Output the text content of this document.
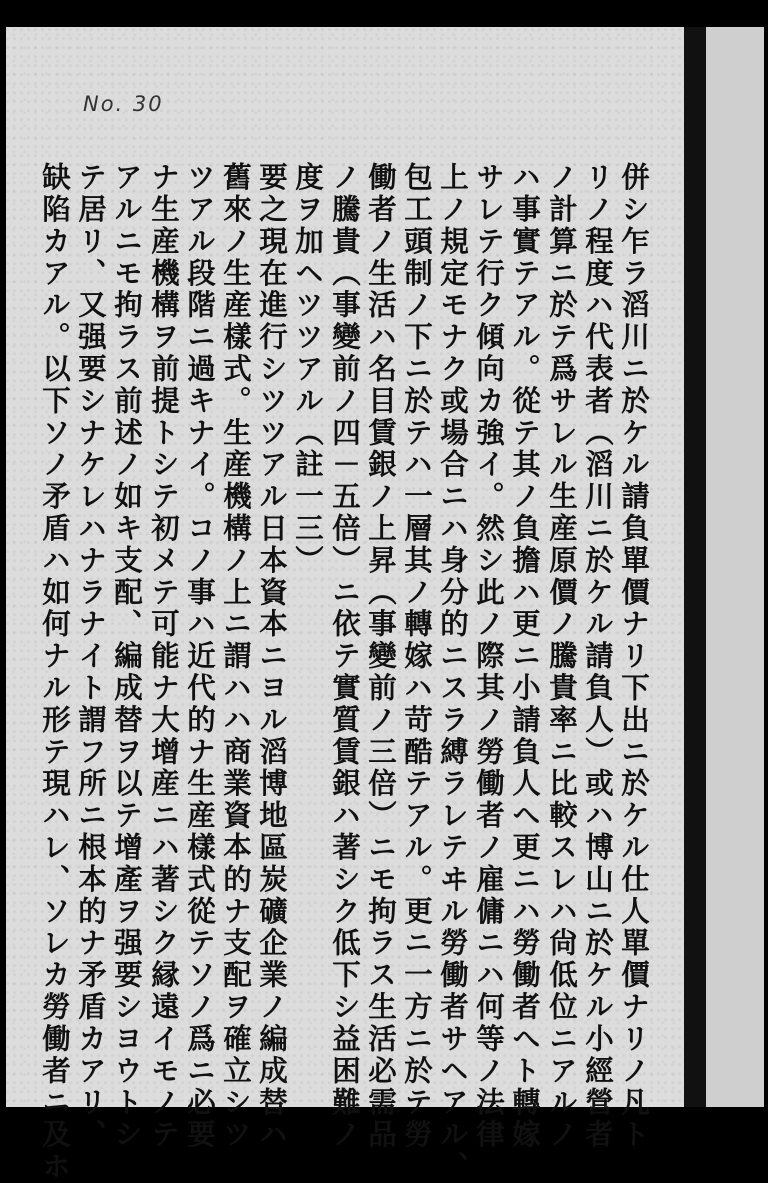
No. 30
併シ乍ラ滔川ニ於ケル請負單價ナリ下出ニ於ケル仕人單價ナリノ凡ト
リノ程度ハ代表者（滔川ニ於ケル請負人）或ハ博山ニ於ケル小經營者
ノ計算ニ於テ爲サレル生産原價ノ騰貴率ニ比較スレハ尙低位ニアルノ
ハ事實テアル。從テ其ノ負擔ハ更ニ小請負人へ更ニハ勞働者へト轉嫁
サレテ行ク傾向カ強イ。然シ此ノ際其ノ勞働者ノ雇傭ニハ何等ノ法律
上ノ規定モナク或場合ニハ身分的ニスラ縛ラレテヰル勞働者サヘアル、
包工頭制ノ下ニ於テハ一層其ノ轉嫁ハ苛酷テアル。更ニ一方ニ於テ勞
働者ノ生活ハ名目賃銀ノ上昇（事變前ノ三倍）ニモ拘ラス生活必需品
ノ騰貴（事變前ノ四－五倍）ニ依テ實質賃銀ハ著シク低下シ益困難ノ
度ヲ加ヘツツアル（註一三）
要之現在進行シツツアル日本資本ニヨル滔博地區炭礦企業ノ編成替ハ
舊來ノ生産樣式。生産機構ノ上ニ謂ハハ商業資本的ナ支配ヲ確立シツ
ツアル段階ニ過キナイ。コノ事ハ近代的ナ生産樣式從テソノ爲ニ必要
ナ生産機構ヲ前提トシテ初メテ可能ナ大增産ニハ著シク縁遠イモノテ
アルニモ拘ラス前述ノ如キ支配、編成替ヲ以テ增產ヲ强要シヨウトシ
テ居リ、又强要シナケレハナラナイト謂フ所ニ根本的ナ矛盾カアリ、
缺陷カアル。以下ソノ矛盾ハ如何ナル形テ現ハレ、ソレカ勞働者ニ及ホ
